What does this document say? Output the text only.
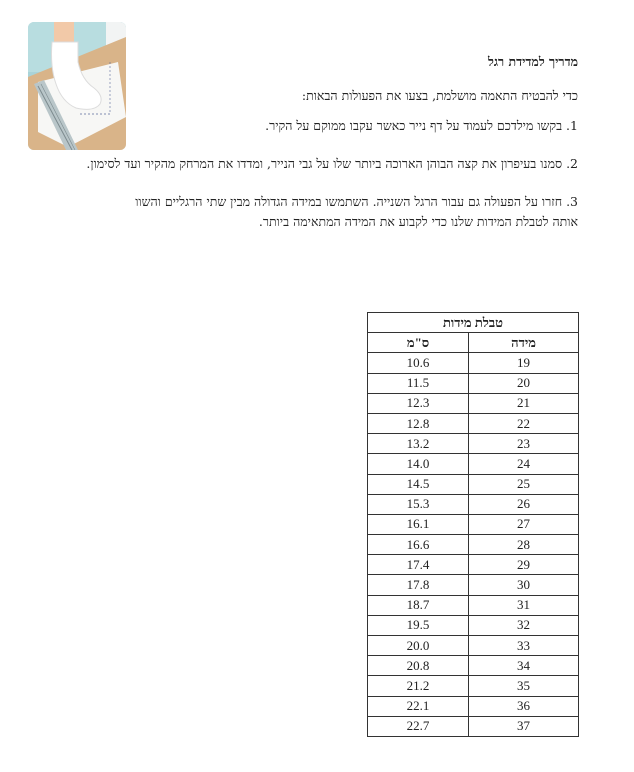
מדריך למדידת רגל

כדי להבטיח התאמה מושלמת, בצעו את הפעולות הבאות:

1. בקשו מילדכם לעמוד על דף נייר כאשר עקבו ממוקם על הקיר.

2. סמנו בעיפרון את קצה הבוהן הארוכה ביותר שלו על גבי הנייר, ומדדו את המרחק מהקיר ועד לסימון.

3. חזרו על הפעולה גם עבור הרגל השנייה. השתמשו במידה הגדולה מבין שתי הרגליים והשוו אותה לטבלת המידות שלנו כדי לקבוע את המידה המתאימה ביותר.

טבלת מידות	
מידה	ס"מ
19	10.6
20	11.5
21	12.3
22	12.8
23	13.2
24	14.0
25	14.5
26	15.3
27	16.1
28	16.6
29	17.4
30	17.8
31	18.7
32	19.5
33	20.0
34	20.8
35	21.2
36	22.1
37	22.7
